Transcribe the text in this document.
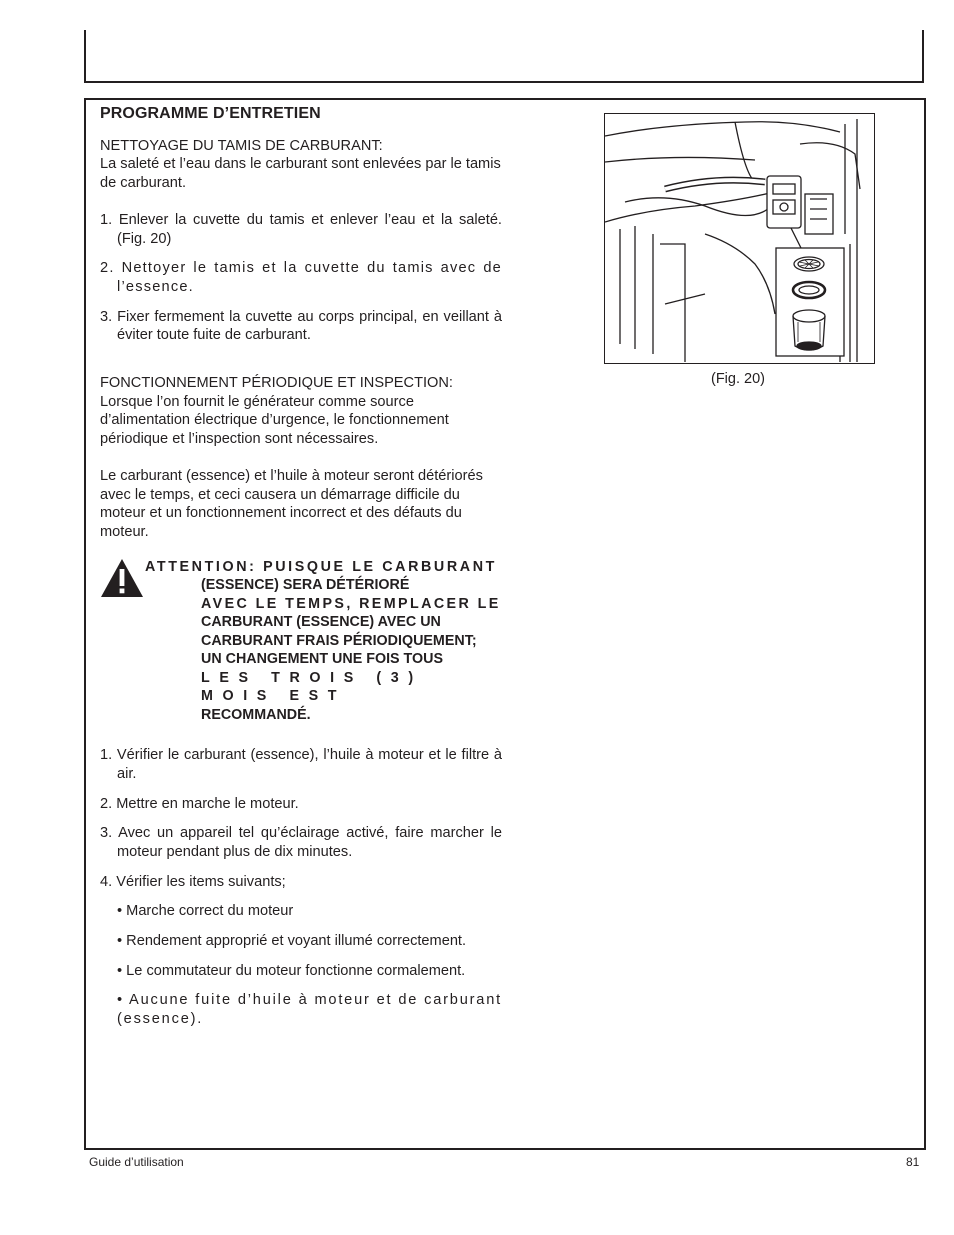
PROGRAMME D’ENTRETIEN

NETTOYAGE DU TAMIS DE CARBURANT:

La saleté et l’eau dans le carburant sont enlevées par le tamis de carburant.

1. Enlever la cuvette du tamis et enlever l’eau et la saleté. (Fig. 20)
2. Nettoyer le tamis et la cuvette du tamis avec de l’essence.
3. Fixer fermement la cuvette au corps principal, en veillant à éviter toute fuite de carburant.

FONCTIONNEMENT PÉRIODIQUE ET INSPECTION:

Lorsque l’on fournit le générateur comme source d’alimentation électrique d’urgence, le fonctionnement périodique et l’inspection sont nécessaires.

Le carburant (essence) et l’huile à moteur seront détériorés avec le temps, et ceci causera un démarrage difficile du moteur et un fonctionnement incorrect et des défauts du moteur.

ATTENTION: PUISQUE LE CARBURANT
(ESSENCE) SERA DÉTÉRIORÉ
AVEC LE TEMPS, REMPLACER LE
CARBURANT (ESSENCE) AVEC UN
CARBURANT FRAIS PÉRIODIQUEMENT;
UN CHANGEMENT UNE FOIS TOUS
LES TROIS (3) MOIS EST
RECOMMANDÉ.
1. Vérifier le carburant (essence), l’huile à moteur et le filtre à air.
2. Mettre en marche le moteur.
3. Avec un appareil tel qu’éclairage activé, faire marcher le moteur pendant plus de dix minutes.
4. Vérifier les items suivants;
• Marche correct du moteur
• Rendement approprié et voyant illumé correctement.
• Le commutateur du moteur fonctionne cormalement.
• Aucune fuite d’huile à moteur et de carburant (essence).
(Fig. 20)
Guide d’utilisation	81
